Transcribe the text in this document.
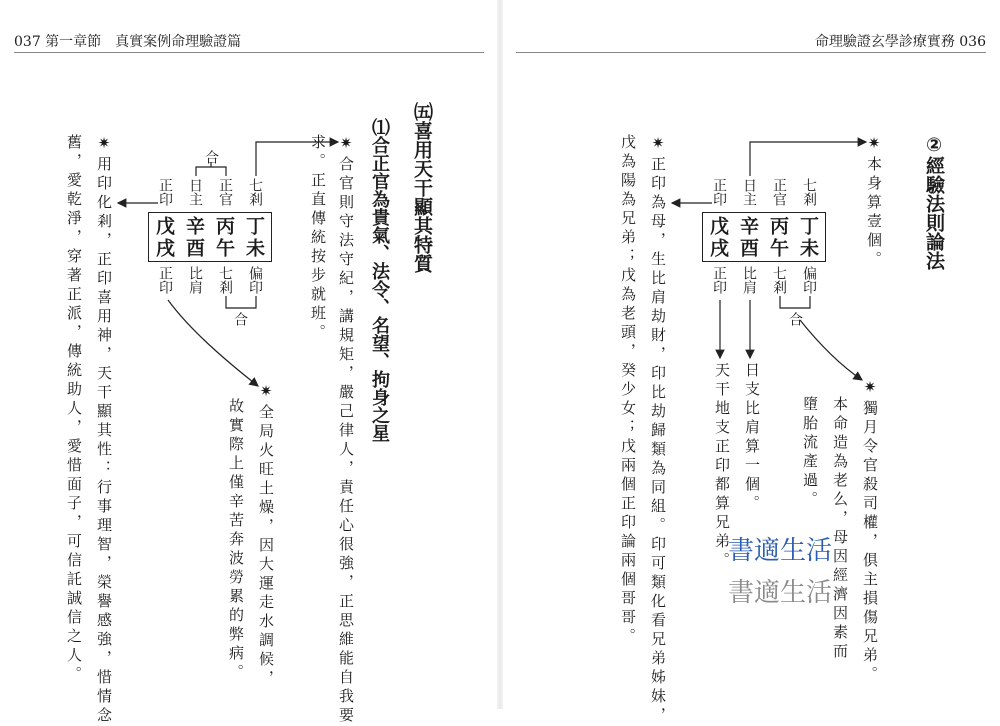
037 第一章節　真實案例命理驗證篇
㈤喜用天干顯其特質
⑴合正官為貴氣、法令、名望、拘身之星
✷合官則守法守紀，講規矩，嚴己律人，責任心很強，正思維能自我要
求。正直傳統按步就班。
七剎
正官
日主
正印
丁
未
丙
午
辛
酉
戊
戌
偏印
七剎
比肩
正印
合
合
✷全局火旺土燥，因大運走水調候，
故實際上僅辛苦奔波勞累的弊病。
✷用印化剎，正印喜用神，天干顯其性：行事理智，榮譽感強，惜情念
舊，愛乾淨，穿著正派，傳統助人，愛惜面子，可信託誠信之人。
命理驗證玄學診療實務 036
②經驗法則論法
✷本身算壹個。
七剎
正官
日主
正印
丁
未
丙
午
辛
酉
戊
戌
偏印
七剎
比肩
正印
合
日支比肩算一個。
天干地支正印都算兄弟。	✷獨月令官殺司權，俱主損傷兄弟。
本命造為老么，母因經濟因素而
墮胎流產過。
✷正印為母，生比肩劫財，印比劫歸類為同組。印可類化看兄弟姊妹，
戊為陽為兄弟；戊為老頭，癸少女；戊兩個正印論兩個哥哥。	書適生活
書適生活
